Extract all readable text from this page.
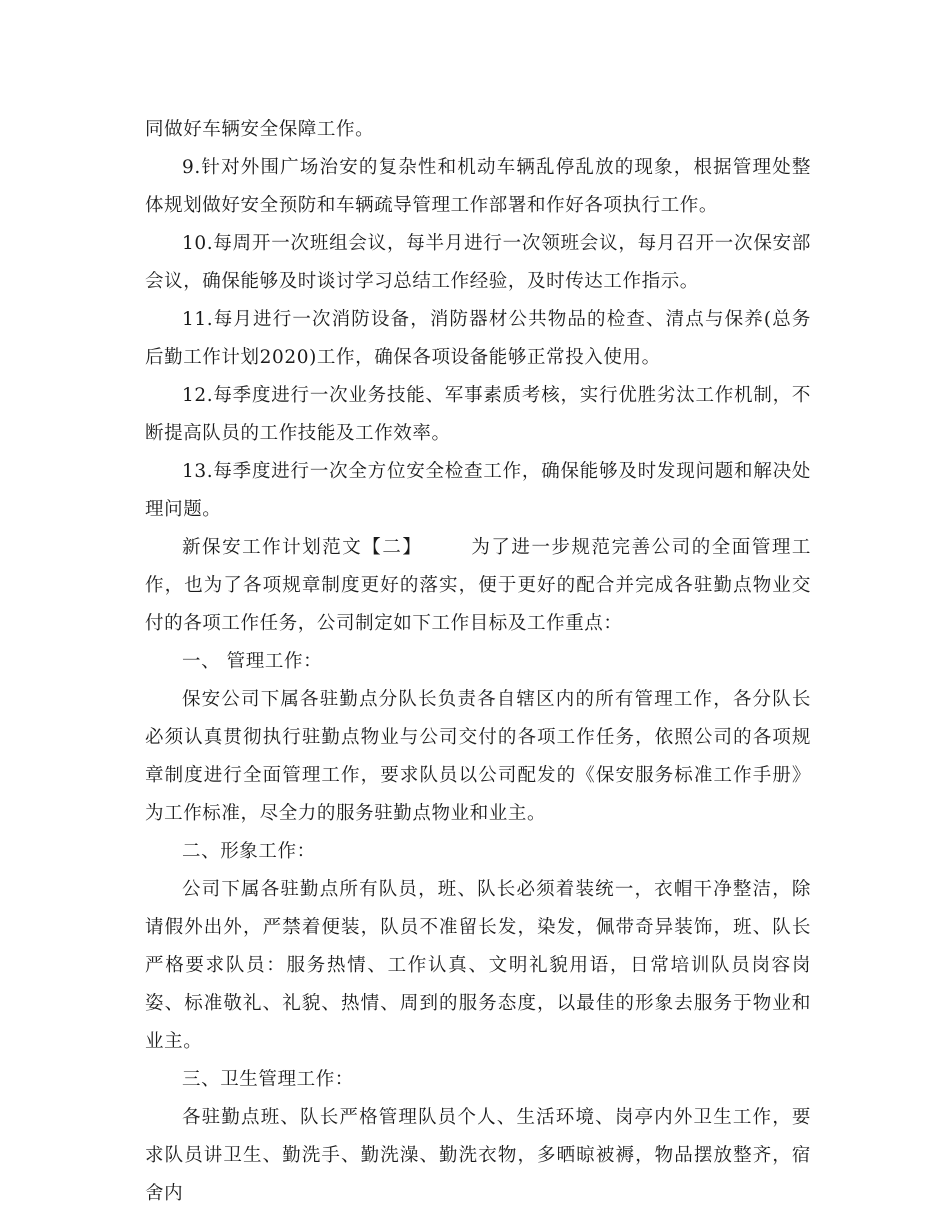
同做好车辆安全保障工作。

9.针对外围广场治安的复杂性和机动车辆乱停乱放的现象，根据管理处整体规划做好安全预防和车辆疏导管理工作部署和作好各项执行工作。

10.每周开一次班组会议，每半月进行一次领班会议，每月召开一次保安部会议，确保能够及时谈讨学习总结工作经验，及时传达工作指示。

11.每月进行一次消防设备，消防器材公共物品的检查、清点与保养(总务后勤工作计划2020)工作，确保各项设备能够正常投入使用。

12.每季度进行一次业务技能、军事素质考核，实行优胜劣汰工作机制，不断提高队员的工作技能及工作效率。

13.每季度进行一次全方位安全检查工作，确保能够及时发现问题和解决处理问题。

新保安工作计划范文【二】	为了进一步规范完善公司的全面管理工作，也为了各项规章制度更好的落实，便于更好的配合并完成各驻勤点物业交付的各项工作任务，公司制定如下工作目标及工作重点：

一、 管理工作：

保安公司下属各驻勤点分队长负责各自辖区内的所有管理工作，各分队长必须认真贯彻执行驻勤点物业与公司交付的各项工作任务，依照公司的各项规章制度进行全面管理工作，要求队员以公司配发的《保安服务标准工作手册》为工作标准，尽全力的服务驻勤点物业和业主。

二、形象工作：

公司下属各驻勤点所有队员，班、队长必须着装统一，衣帽干净整洁，除请假外出外，严禁着便装，队员不准留长发，染发，佩带奇异装饰，班、队长严格要求队员：服务热情、工作认真、文明礼貌用语，日常培训队员岗容岗姿、标准敬礼、礼貌、热情、周到的服务态度，以最佳的形象去服务于物业和业主。

三、卫生管理工作：

各驻勤点班、队长严格管理队员个人、生活环境、岗亭内外卫生工作，要求队员讲卫生、勤洗手、勤洗澡、勤洗衣物，多晒晾被褥，物品摆放整齐，宿舍内
